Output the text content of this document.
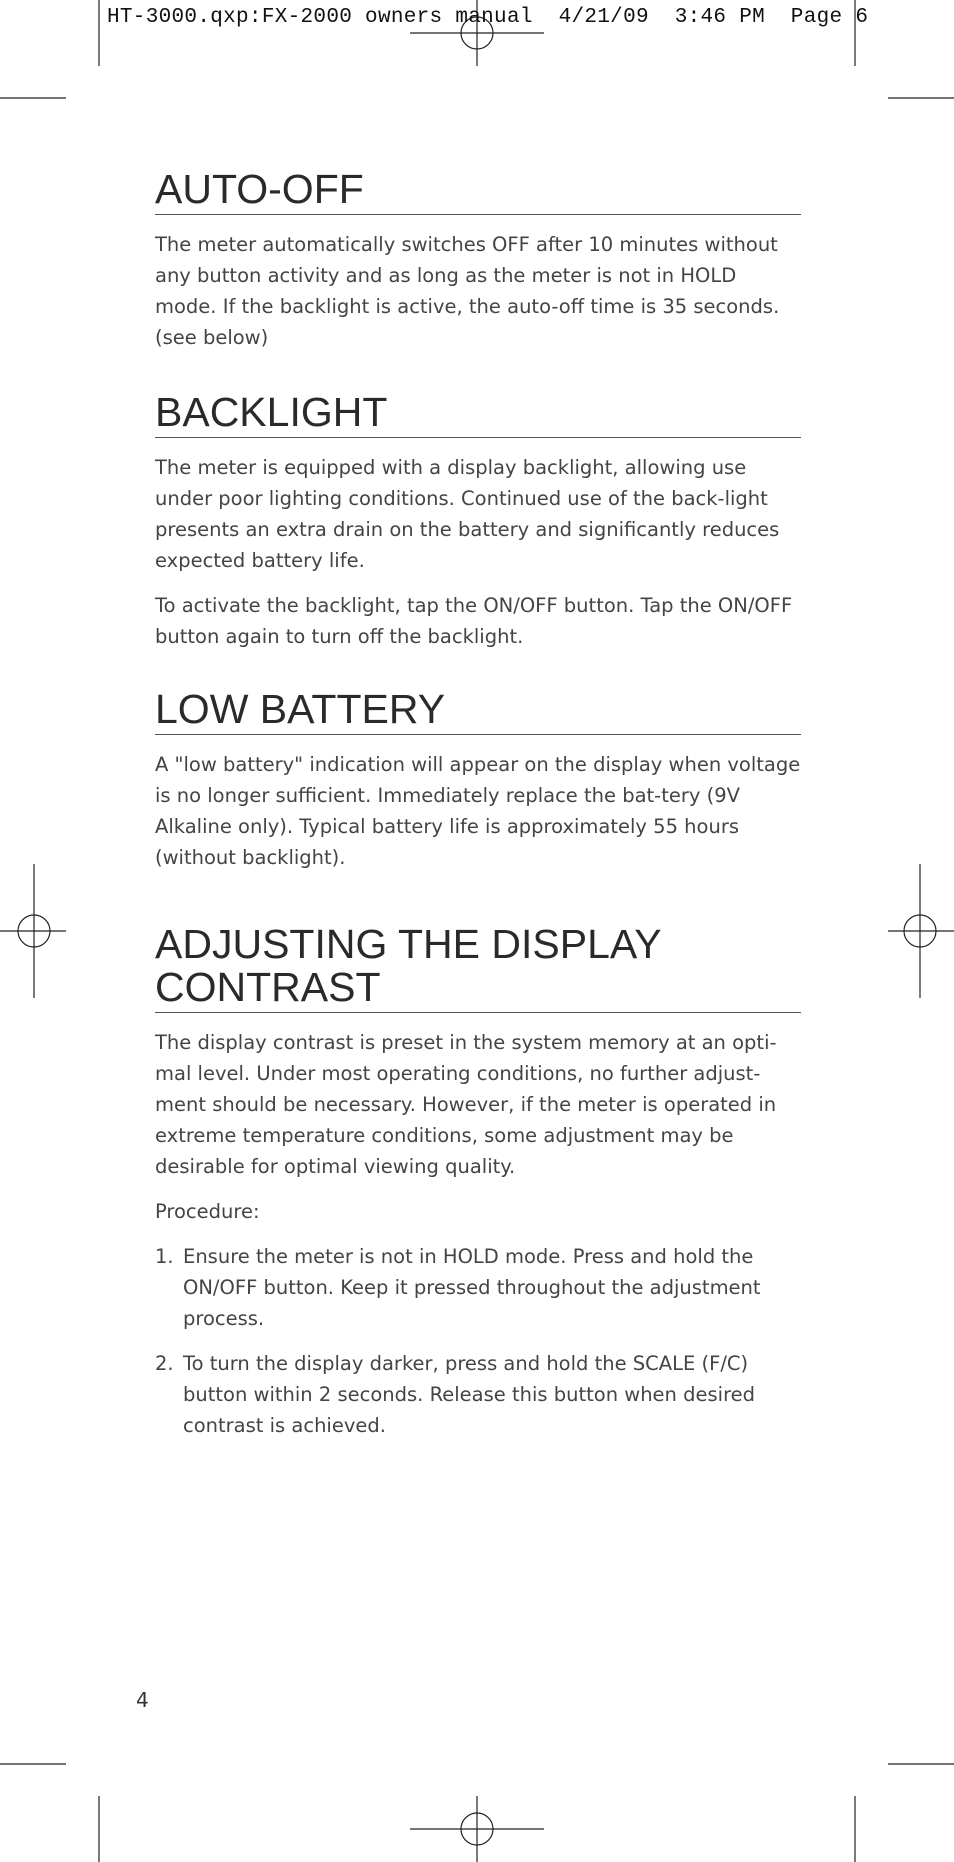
HT-3000.qxp:FX-2000 owners manual  4/21/09  3:46 PM  Page 6
AUTO-OFF

The meter automatically switches OFF after 10 minutes without any button activity and as long as the meter is not in HOLD mode. If the backlight is active, the auto-off time is 35 seconds. (see below)

BACKLIGHT

The meter is equipped with a display backlight, allowing use under poor lighting conditions. Continued use of the back-light presents an extra drain on the battery and significantly reduces expected battery life.

To activate the backlight, tap the ON/OFF button. Tap the ON/OFF button again to turn off the backlight.

LOW BATTERY

A "low battery" indication will appear on the display when voltage is no longer sufficient. Immediately replace the bat-tery (9V Alkaline only). Typical battery life is approximately 55 hours (without backlight).

ADJUSTING THE DISPLAY CONTRAST

The display contrast is preset in the system memory at an opti-mal level. Under most operating conditions, no further adjust-ment should be necessary. However, if the meter is operated in extreme temperature conditions, some adjustment may be desirable for optimal viewing quality.

Procedure:

1. Ensure the meter is not in HOLD mode. Press and hold the ON/OFF button. Keep it pressed throughout the adjustment process.
2. To turn the display darker, press and hold the SCALE (F/C) button within 2 seconds. Release this button when desired contrast is achieved.
4
